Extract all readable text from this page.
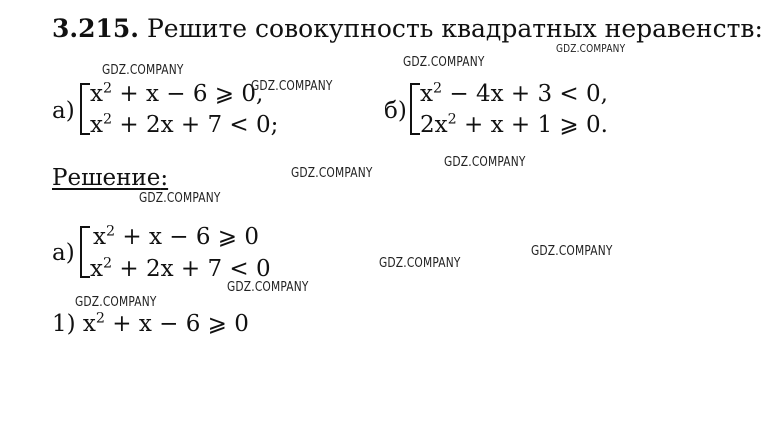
3.215. Решите совокупность квадратных неравенств:
а)
$x^2 + x - 6$ ⩾ 0,
$x^2 + 2x + 7 < 0$;
б)
$x^2 - 4x + 3 < 0$,
$2x^2 + x + 1$ ⩾ 0.
Решение:
а)
$x^2 + x - 6$ ⩾ 0
$x^2 + 2x + 7 < 0$
1) $x^2 + x - 6$ ⩾ 0
GDZ.COMPANY
GDZ.COMPANY
GDZ.COMPANY
GDZ.COMPANY
GDZ.COMPANY
GDZ.COMPANY
GDZ.COMPANY
GDZ.COMPANY
GDZ.COMPANY
GDZ.COMPANY
GDZ.COMPANY
